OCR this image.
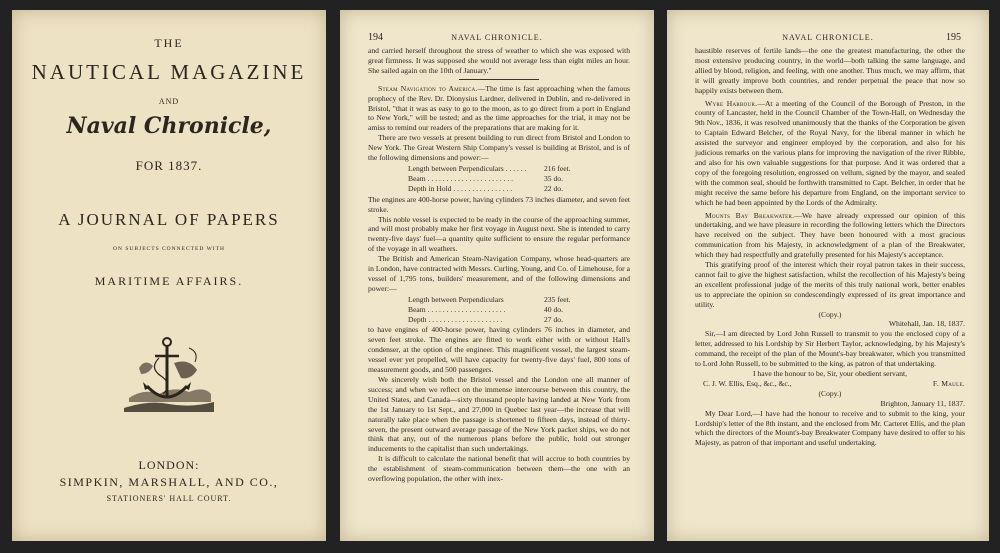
THE
NAUTICAL MAGAZINE
AND
Naval Chronicle,
FOR 1837.
A JOURNAL OF PAPERS
ON SUBJECTS CONNECTED WITH
MARITIME AFFAIRS.
LONDON:
SIMPKIN, MARSHALL, AND CO.,
STATIONERS' HALL COURT.
194	NAVAL CHRONICLE.

and carried herself throughout the stress of weather to which she was exposed with great firmness. It was supposed she would not average less than eight miles an hour. She sailed again on the 10th of January."

Steam Navigation to America.—The time is fast approaching when the famous prophecy of the Rev. Dr. Dionysius Lardner, delivered in Dublin, and re-delivered in Bristol, "that it was as easy to go to the moon, as to go direct from a port in England to New York," will be tested; and as the time approaches for the trial, it may not be amiss to remind our readers of the preparations that are making for it.

There are two vessels at present building to run direct from Bristol and London to New York. The Great Western Ship Company's vessel is building at Bristol, and is of the following dimensions and power:—

Length between Perpendiculars . . . . . .	216 feet.
Beam . . . . . . . . . . . . . . . . . . . . . . .	35 do.
Depth in Hold . . . . . . . . . . . . . . . .	22 do.

The engines are 400-horse power, having cylinders 73 inches diameter, and seven feet stroke.

This noble vessel is expected to be ready in the course of the approaching summer, and will most probably make her first voyage in August next. She is intended to carry twenty-five days' fuel—a quantity quite sufficient to ensure the regular performance of the voyage in all weathers.

The British and American Steam-Navigation Company, whose head-quarters are in London, have contracted with Messrs. Curling, Young, and Co. of Limehouse, for a vessel of 1,795 tons, builders' measurement, and of the following dimensions and power:—

Length between Perpendiculars	235 feet.
Beam . . . . . . . . . . . . . . . . . . . . .	40 do.
Depth . . . . . . . . . . . . . . . . . . . .	27 do.

to have engines of 400-horse power, having cylinders 76 inches in diameter, and seven feet stroke. The engines are fitted to work either with or without Hall's condenser, at the option of the engineer. This magnificent vessel, the largest steam-vessel ever yet propelled, will have capacity for twenty-five days' fuel, 800 tons of measurement goods, and 500 passengers.

We sincerely wish both the Bristol vessel and the London one all manner of success; and when we reflect on the immense intercourse between this country, the United States, and Canada—sixty thousand people having landed at New York from the 1st January to 1st Sept., and 27,000 in Quebec last year—the increase that will naturally take place when the passage is shortened to fifteen days, instead of thirty-seven, the present outward average passage of the New York packet ships, we do not think that any, out of the numerous plans before the public, hold out stronger inducements to the capitalist than such undertakings.

It is difficult to calculate the national benefit that will accrue to both countries by the establishment of steam-communication between them—the one with an overflowing population, the other with inex-

195
NAVAL CHRONICLE.

haustible reserves of fertile lands—the one the greatest manufacturing, the other the most extensive producing country, in the world—both talking the same language, and allied by blood, religion, and feeling, with one another. Thus much, we may affirm, that it will greatly improve both countries, and render perpetual the peace that now so happily exists between them.

Wyre Harbour.—At a meeting of the Council of the Borough of Preston, in the county of Lancaster, held in the Council Chamber of the Town-Hall, on Wednesday the 9th Nov., 1836, it was resolved unanimously that the thanks of the Corporation be given to Captain Edward Belcher, of the Royal Navy, for the liberal manner in which he assisted the surveyor and engineer employed by the corporation, and also for his judicious remarks on the various plans for improving the navigation of the river Ribble, and also for his own valuable suggestions for that purpose. And it was ordered that a copy of the foregoing resolution, engrossed on vellum, signed by the mayor, and sealed with the common seal, should be forthwith transmitted to Capt. Belcher, in order that he might receive the same before his departure from England, on the important service to which he had been appointed by the Lords of the Admiralty.

Mounts Bay Breakwater.—We have already expressed our opinion of this undertaking, and we have pleasure in recording the following letters which the Directors have received on the subject. They have been honoured with a most gracious communication from his Majesty, in acknowledgment of a plan of the Breakwater, which they had respectfully and gratefully presented for his Majesty's acceptance.

This gratifying proof of the interest which their royal patron takes in their success, cannot fail to give the highest satisfaction, whilst the recollection of his Majesty's being an excellent professional judge of the merits of this truly national work, better enables us to appreciate the opinion so condescendingly expressed of its great importance and utility.

(Copy.)
Whitehall, Jan. 18, 1837.

Sir,—I am directed by Lord John Russell to transmit to you the enclosed copy of a letter, addressed to his Lordship by Sir Herbert Taylor, acknowledging, by his Majesty's command, the receipt of the plan of the Mount's-bay breakwater, which you transmitted to Lord John Russell, to be submitted to the king, as patron of that undertaking.

I have the honour to be, Sir, your obedient servant,
C. J. W. Ellis, Esq., &c., &c.,	F. Maule.
(Copy.)
Brighton, January 11, 1837.

My Dear Lord,—I have had the honour to receive and to submit to the king, your Lordship's letter of the 8th instant, and the enclosed from Mr. Carteret Ellis, and the plan which the directors of the Mount's-bay Breakwater Company have desired to offer to his Majesty, as patron of that important and useful undertaking.
